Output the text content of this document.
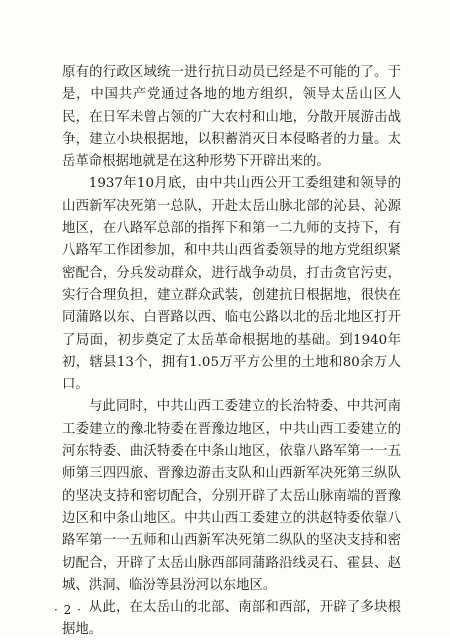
原有的行政区域统一进行抗日动员已经是不可能的了。于是，中国共产党通过各地的地方组织，领导太岳山区人民，在日军未曾占领的广大农村和山地，分散开展游击战争，建立小块根据地，以积蓄消灭日本侵略者的力量。太岳革命根据地就是在这种形势下开辟出来的。

1937年10月底，由中共山西公开工委组建和领导的山西新军决死第一总队，开赴太岳山脉北部的沁县、沁源地区，在八路军总部的指挥下和第一二九师的支持下，有八路军工作团参加，和中共山西省委领导的地方党组织紧密配合，分兵发动群众，进行战争动员，打击贪官污吏，实行合理负担，建立群众武装，创建抗日根据地，很快在同蒲路以东、白晋路以西、临屯公路以北的岳北地区打开了局面，初步奠定了太岳革命根据地的基础。到1940年初，辖县13个，拥有1.05万平方公里的土地和80余万人口。

与此同时，中共山西工委建立的长治特委、中共河南工委建立的豫北特委在晋豫边地区，中共山西工委建立的河东特委、曲沃特委在中条山地区，依靠八路军第一一五师第三四四旅、晋豫边游击支队和山西新军决死第三纵队的坚决支持和密切配合，分别开辟了太岳山脉南端的晋豫边区和中条山地区。中共山西工委建立的洪赵特委依靠八路军第一一五师和山西新军决死第二纵队的坚决支持和密切配合，开辟了太岳山脉西部同蒲路沿线灵石、霍县、赵城、洪洞、临汾等县汾河以东地区。

从此，在太岳山的北部、南部和西部，开辟了多块根据地。

· 2 ·
